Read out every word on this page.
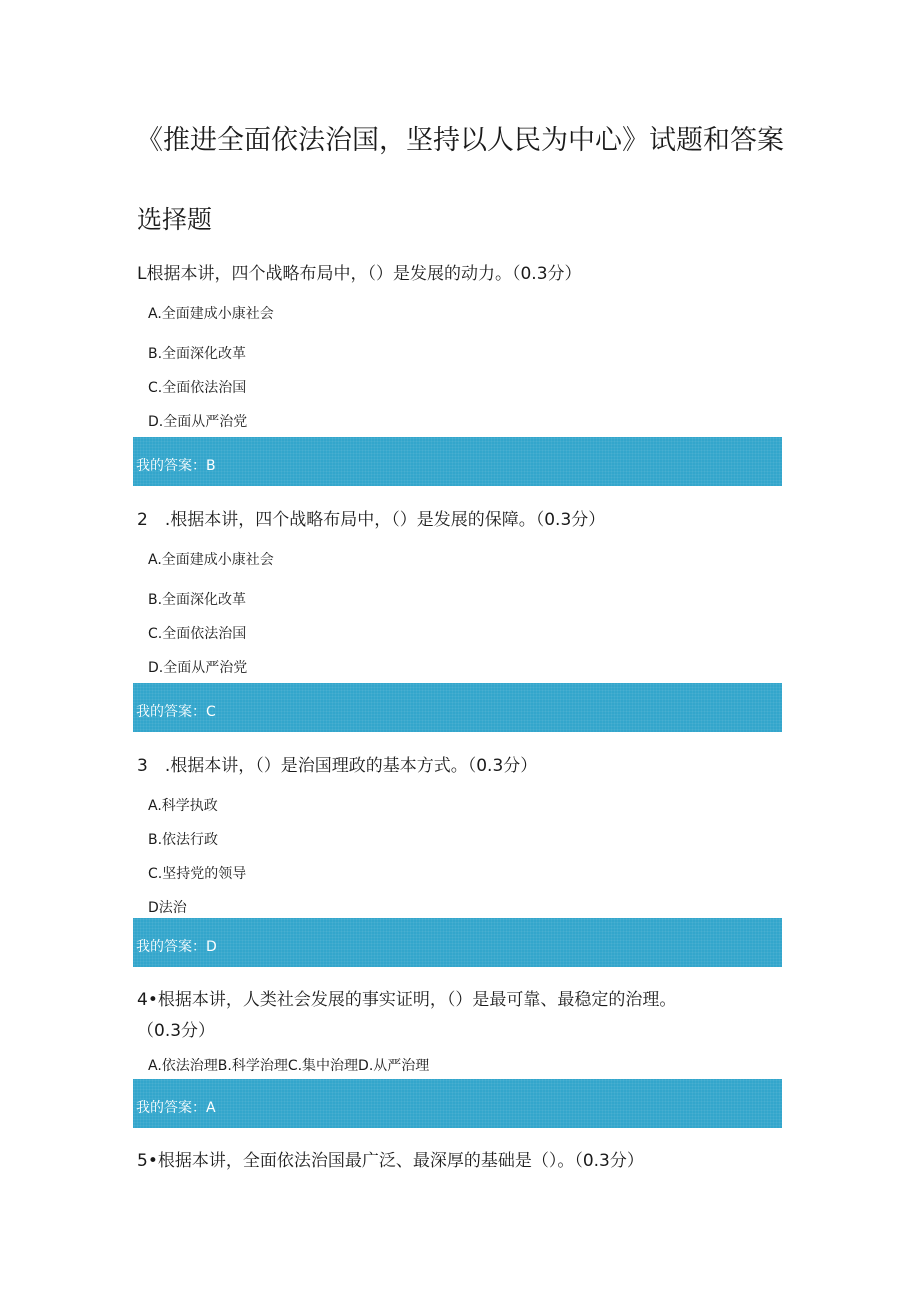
《推进全面依法治国，坚持以人民为中心》试题和答案
选择题
L根据本讲，四个战略布局中，（）是发展的动力。（0.3分）
A.全面建成小康社会
B.全面深化改革
C.全面依法治国
D.全面从严治党
我的答案：B
2　.根据本讲，四个战略布局中，（）是发展的保障。（0.3分）
A.全面建成小康社会
B.全面深化改革
C.全面依法治国
D.全面从严治党
我的答案：C
3　.根据本讲，（）是治国理政的基本方式。（0.3分）
A.科学执政
B.依法行政
C.坚持党的领导
D法治
我的答案：D
4•根据本讲，人类社会发展的事实证明，（）是最可靠、最稳定的治理。
（0.3分）
A.依法治理B.科学治理C.集中治理D.从严治理
我的答案：A
5•根据本讲，全面依法治国最广泛、最深厚的基础是（）。（0.3分）
